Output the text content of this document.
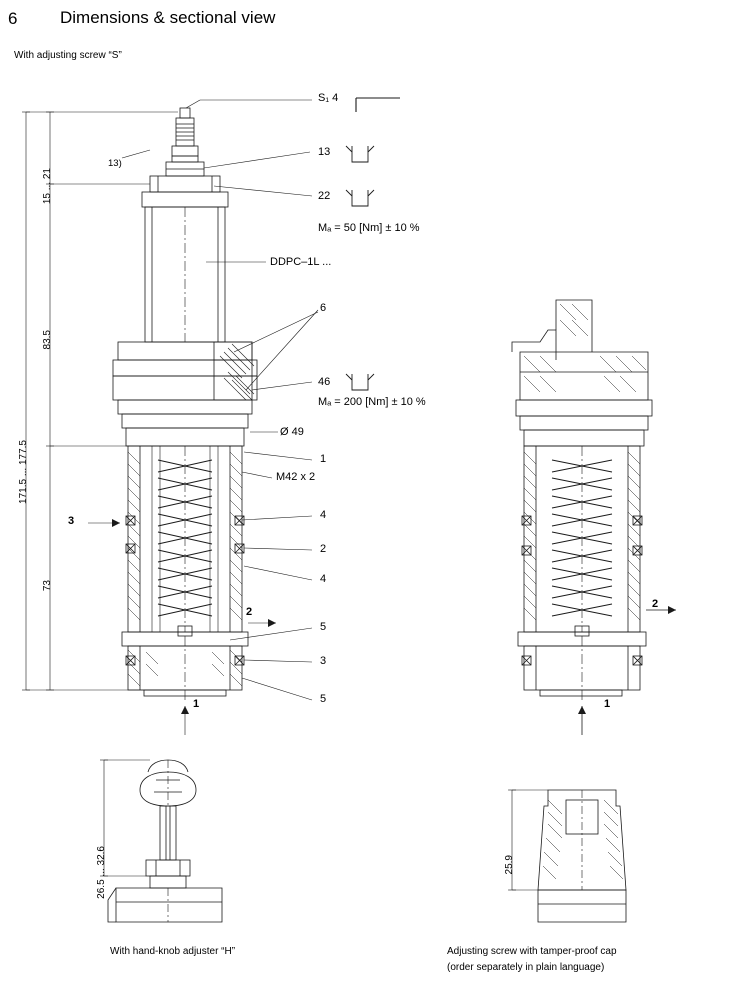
6	Dimensions & sectional view
With adjusting screw “S”
171.5 ... 177.5
15 ... 21
83.5
73
26.5 ... 32.6	25.9
S₁ 4
13
22
Mₐ = 50 [Nm] ± 10 %
46
Mₐ = 200 [Nm] ± 10 %
13)
DDPC–1L ...
6
Ø 49
1
M42 x 2
4
2
4
5
3
5
3
2
1
2
1
With hand-knob adjuster “H”	Adjusting screw with tamper-proof cap
(order separately in plain language)
